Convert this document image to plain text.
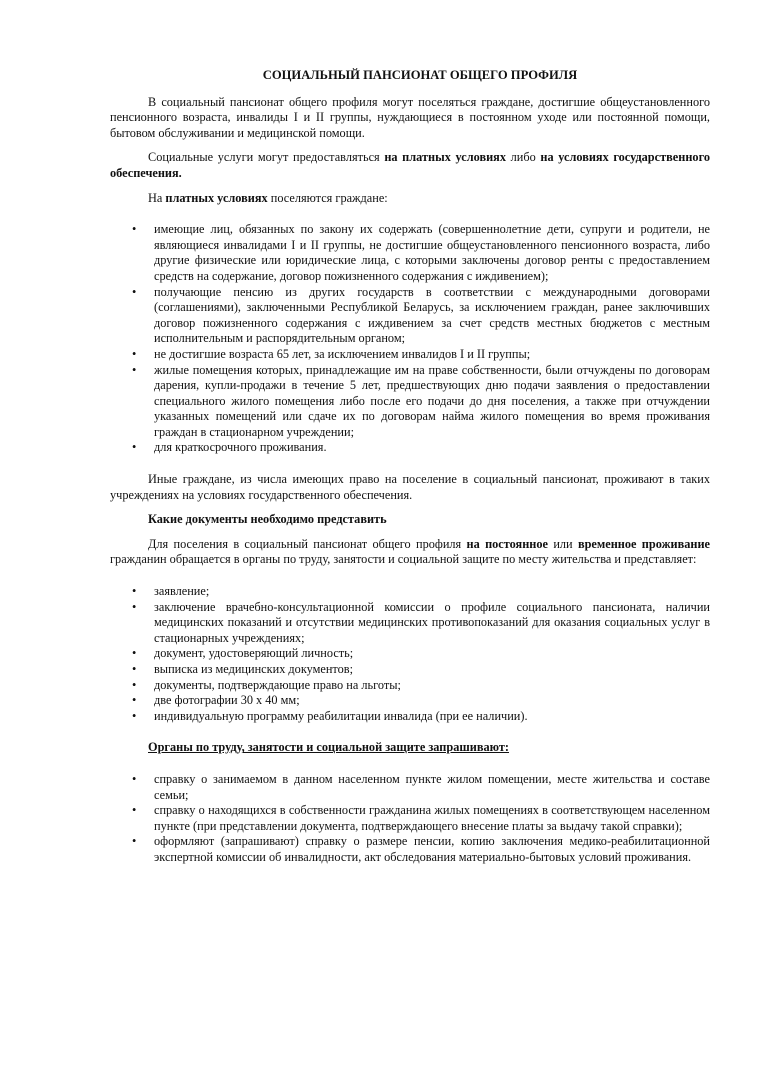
СОЦИАЛЬНЫЙ ПАНСИОНАТ ОБЩЕГО ПРОФИЛЯ

В социальный пансионат общего профиля могут поселяться граждане, достигшие общеустановленного пенсионного возраста, инвалиды I и II группы, нуждающиеся в постоянном уходе или постоянной помощи, бытовом обслуживании и медицинской помощи.

Социальные услуги могут предоставляться на платных условиях либо на условиях государственного обеспечения.

На платных условиях поселяются граждане:

• имеющие лиц, обязанных по закону их содержать (совершеннолетние дети, супруги и родители, не являющиеся инвалидами I и II группы, не достигшие общеустановленного пенсионного возраста, либо другие физические или юридические лица, с которыми заключены договор ренты с предоставлением средств на содержание, договор пожизненного содержания с иждивением);
• получающие пенсию из других государств в соответствии с международными договорами (соглашениями), заключенными Республикой Беларусь, за исключением граждан, ранее заключивших договор пожизненного содержания с иждивением за счет средств местных бюджетов с местным исполнительным и распорядительным органом;
• не достигшие возраста 65 лет, за исключением инвалидов I и II группы;
• жилые помещения которых, принадлежащие им на праве собственности, были отчуждены по договорам дарения, купли-продажи в течение 5 лет, предшествующих дню подачи заявления о предоставлении специального жилого помещения либо после его подачи до дня поселения, а также при отчуждении указанных помещений или сдаче их по договорам найма жилого помещения во время проживания граждан в стационарном учреждении;
• для краткосрочного проживания.

Иные граждане, из числа имеющих право на поселение в социальный пансионат, проживают в таких учреждениях на условиях государственного обеспечения.

Какие документы необходимо представить

Для поселения в социальный пансионат общего профиля на постоянное или временное проживание гражданин обращается в органы по труду, занятости и социальной защите по месту жительства и представляет:

• заявление;
• заключение врачебно-консультационной комиссии о профиле социального пансионата, наличии медицинских показаний и отсутствии медицинских противопоказаний для оказания социальных услуг в стационарных учреждениях;
• документ, удостоверяющий личность;
• выписка из медицинских документов;
• документы, подтверждающие право на льготы;
• две фотографии 30 х 40 мм;
• индивидуальную программу реабилитации инвалида (при ее наличии).

Органы по труду, занятости и социальной защите запрашивают:

• справку о занимаемом в данном населенном пункте жилом помещении, месте жительства и составе семьи;
• справку о находящихся в собственности гражданина жилых помещениях в соответствующем населенном пункте (при представлении документа, подтверждающего внесение платы за выдачу такой справки);
• оформляют (запрашивают) справку о размере пенсии, копию заключения медико-реабилитационной экспертной комиссии об инвалидности, акт обследования материально-бытовых условий проживания.
